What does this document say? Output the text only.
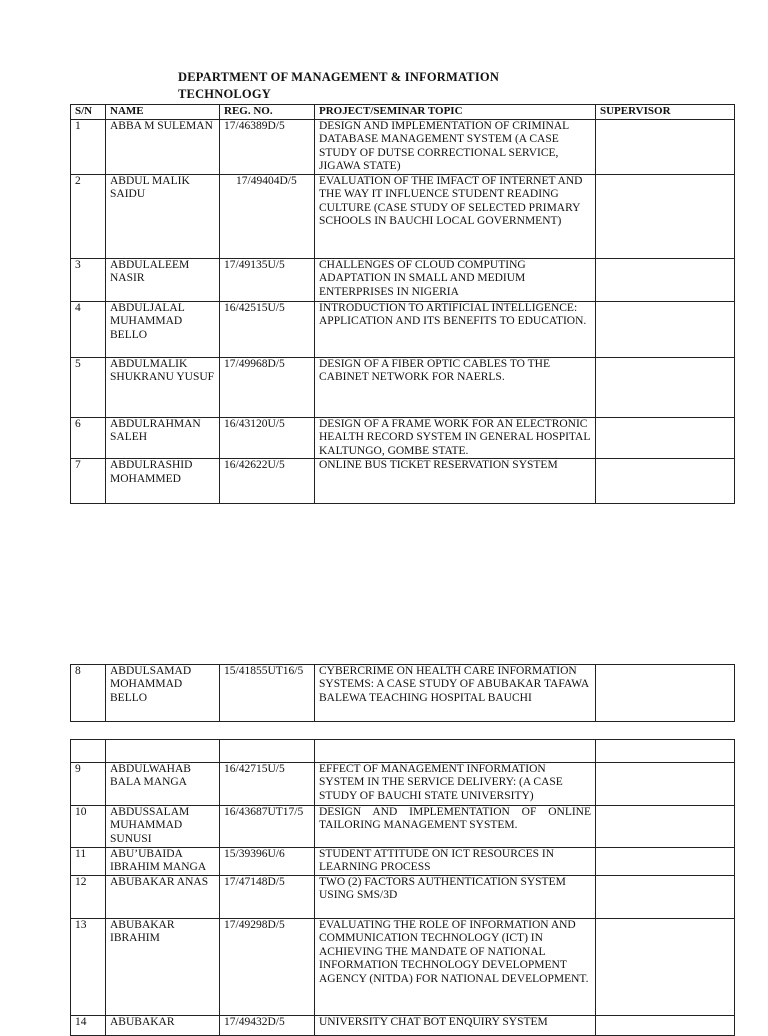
DEPARTMENT OF MANAGEMENT & INFORMATION TECHNOLOGY
S/N	NAME	REG. NO.	PROJECT/SEMINAR TOPIC	SUPERVISOR
1	ABBA M SULEMAN	17/46389D/5	DESIGN AND IMPLEMENTATION OF CRIMINAL DATABASE MANAGEMENT SYSTEM (A CASE STUDY OF DUTSE CORRECTIONAL SERVICE, JIGAWA STATE)	
2	ABDUL MALIK SAIDU	17/49404D/5	EVALUATION OF THE IMFACT OF INTERNET AND THE WAY IT INFLUENCE STUDENT READING CULTURE (CASE STUDY OF SELECTED PRIMARY SCHOOLS IN BAUCHI LOCAL GOVERNMENT)	
3	ABDULALEEM NASIR	17/49135U/5	CHALLENGES OF CLOUD COMPUTING ADAPTATION IN SMALL AND MEDIUM ENTERPRISES IN NIGERIA	
4	ABDULJALAL MUHAMMAD BELLO	16/42515U/5	INTRODUCTION TO ARTIFICIAL INTELLIGENCE: APPLICATION AND ITS BENEFITS TO EDUCATION.	
5	ABDULMALIK SHUKRANU YUSUF	17/49968D/5	DESIGN OF A FIBER OPTIC CABLES TO THE CABINET NETWORK FOR NAERLS.	
6	ABDULRAHMAN SALEH	16/43120U/5	DESIGN OF A FRAME WORK FOR AN ELECTRONIC HEALTH RECORD SYSTEM IN GENERAL HOSPITAL KALTUNGO, GOMBE STATE.	
7	ABDULRASHID MOHAMMED	16/42622U/5	ONLINE BUS TICKET RESERVATION SYSTEM	
8	ABDULSAMAD MOHAMMAD BELLO	15/41855UT16/5	CYBERCRIME ON HEALTH CARE INFORMATION SYSTEMS: A CASE STUDY OF ABUBAKAR TAFAWA BALEWA TEACHING HOSPITAL BAUCHI	

9	ABDULWAHAB BALA MANGA	16/42715U/5	EFFECT OF MANAGEMENT INFORMATION SYSTEM IN THE SERVICE DELIVERY: (A CASE STUDY OF BAUCHI STATE UNIVERSITY)	
10	ABDUSSALAM MUHAMMAD SUNUSI	16/43687UT17/5	DESIGN AND IMPLEMENTATION OF ONLINE TAILORING MANAGEMENT SYSTEM.	
11	ABU’UBAIDA IBRAHIM MANGA	15/39396U/6	STUDENT ATTITUDE ON ICT RESOURCES IN LEARNING PROCESS	
12	ABUBAKAR ANAS	17/47148D/5	TWO (2) FACTORS AUTHENTICATION SYSTEM USING SMS/3D	
13	ABUBAKAR IBRAHIM	17/49298D/5	EVALUATING THE ROLE OF INFORMATION AND COMMUNICATION TECHNOLOGY (ICT) IN ACHIEVING THE MANDATE OF NATIONAL INFORMATION TECHNOLOGY DEVELOPMENT AGENCY (NITDA) FOR NATIONAL DEVELOPMENT.	
14	ABUBAKAR	17/49432D/5	UNIVERSITY CHAT BOT ENQUIRY SYSTEM	
